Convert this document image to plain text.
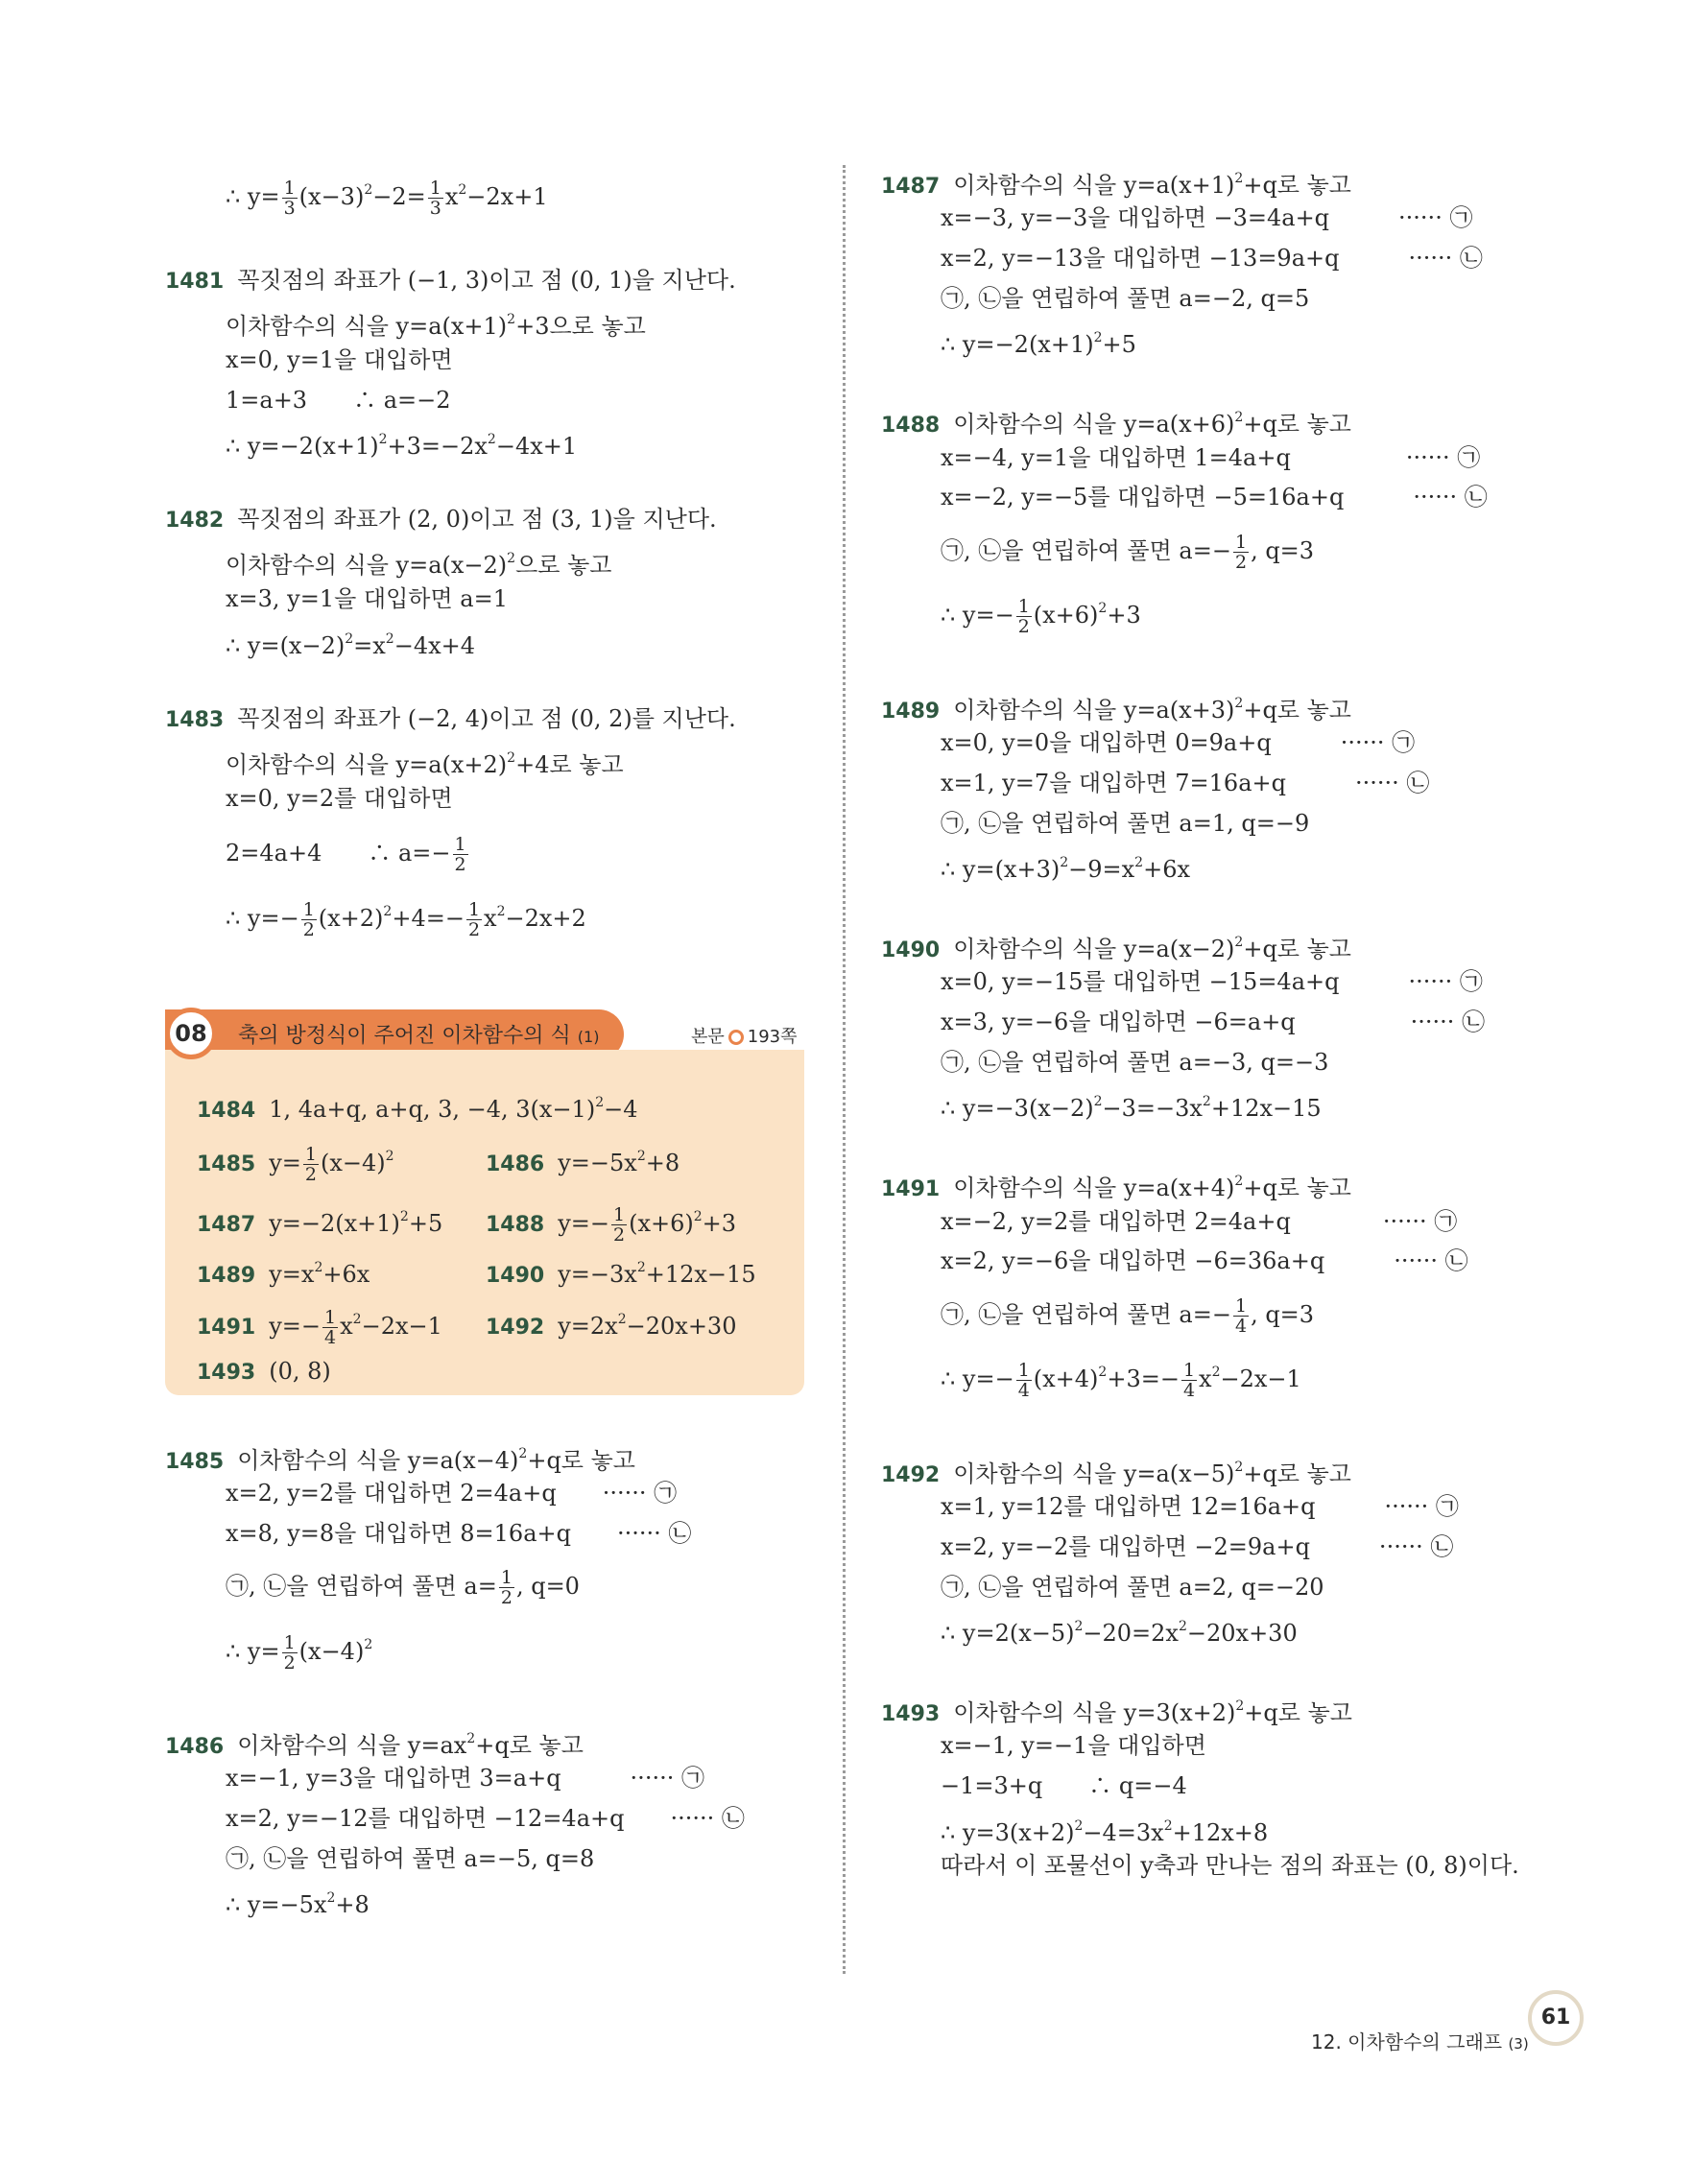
08	축의 방정식이 주어진 이차함수의 식 (1)	본문 193쪽
∴ $y= \frac{1}{3} (x-3)^2-2= \frac{1}{3} x^2-2x+1$
1481 꼭짓점의 좌표가 (−1, 3)이고 점 (0, 1)을 지난다.
이차함수의 식을 $y=a(x+1)^2+3$으로 놓고
x=0, y=1을 대입하면
1=a+3　　∴ a=−2
∴ $y=-2(x+1)^2+3=-2x^2-4x+1$
1482 꼭짓점의 좌표가 (2, 0)이고 점 (3, 1)을 지난다.
이차함수의 식을 $y=a(x-2)^2$으로 놓고
x=3, y=1을 대입하면 a=1
∴ $y=(x-2)^2=x^2-4x+4$
1483 꼭짓점의 좌표가 (−2, 4)이고 점 (0, 2)를 지난다.
이차함수의 식을 $y=a(x+2)^2+4$로 놓고
x=0, y=2를 대입하면
2=4a+4　　∴ $a=- \frac{1}{2}$
∴ $y=- \frac{1}{2} (x+2)^2+4=- \frac{1}{2} x^2-2x+2$
1484 1, 4a+q, a+q, 3, −4, $3(x-1)^2-4$
1485 $y= \frac{1}{2} (x-4)^2$	1486 $y=-5x^2+8$
1487 $y=-2(x+1)^2+5$ 1488 $y=- \frac{1}{2} (x+6)^2+3$
1489 $y=x^2+6x$	1490 $y=-3x^2+12x-15$
1491 $y=- \frac{1}{4} x^2-2x-1$ 1492 $y=2x^2-20x+30$
1493 (0, 8)
1485 이차함수의 식을 $y=a(x-4)^2+q$로 놓고
x=2, y=2를 대입하면 2=4a+q　　······ ㉠
x=8, y=8을 대입하면 8=16a+q　　······ ㉡
㉠, ㉡을 연립하여 풀면 $a= \frac{1}{2}$ , q=0
∴ $y= \frac{1}{2} (x-4)^2$
1486 이차함수의 식을 $y=ax^2+q$로 놓고
x=−1, y=3을 대입하면 3=a+q　　　······ ㉠
x=2, y=−12를 대입하면 −12=4a+q　　······ ㉡
㉠, ㉡을 연립하여 풀면 a=−5, q=8
∴ $y=-5x^2+8$
1487 이차함수의 식을 $y=a(x+1)^2+q$로 놓고
x=−3, y=−3을 대입하면 −3=4a+q　　　······ ㉠
x=2, y=−13을 대입하면 −13=9a+q　　　······ ㉡
㉠, ㉡을 연립하여 풀면 a=−2, q=5
∴ $y=-2(x+1)^2+5$
1488 이차함수의 식을 $y=a(x+6)^2+q$로 놓고
x=−4, y=1을 대입하면 1=4a+q　　　　　······ ㉠
x=−2, y=−5를 대입하면 −5=16a+q　　　······ ㉡
㉠, ㉡을 연립하여 풀면 $a=- \frac{1}{2}$ , q=3
∴ $y=- \frac{1}{2} (x+6)^2+3$
1489 이차함수의 식을 $y=a(x+3)^2+q$로 놓고
x=0, y=0을 대입하면 0=9a+q　　　······ ㉠
x=1, y=7을 대입하면 7=16a+q　　　······ ㉡
㉠, ㉡을 연립하여 풀면 a=1, q=−9
∴ $y=(x+3)^2-9=x^2+6x$
1490 이차함수의 식을 $y=a(x-2)^2+q$로 놓고
x=0, y=−15를 대입하면 −15=4a+q　　　······ ㉠
x=3, y=−6을 대입하면 −6=a+q　　　　　······ ㉡
㉠, ㉡을 연립하여 풀면 a=−3, q=−3
∴ $y=-3(x-2)^2-3=-3x^2+12x-15$
1491 이차함수의 식을 $y=a(x+4)^2+q$로 놓고
x=−2, y=2를 대입하면 2=4a+q　　　　······ ㉠
x=2, y=−6을 대입하면 −6=36a+q　　　······ ㉡
㉠, ㉡을 연립하여 풀면 $a=- \frac{1}{4}$ , q=3
∴ $y=- \frac{1}{4} (x+4)^2+3=- \frac{1}{4} x^2-2x-1$
1492 이차함수의 식을 $y=a(x-5)^2+q$로 놓고
x=1, y=12를 대입하면 12=16a+q　　　······ ㉠
x=2, y=−2를 대입하면 −2=9a+q　　　······ ㉡
㉠, ㉡을 연립하여 풀면 a=2, q=−20
∴ $y=2(x-5)^2-20=2x^2-20x+30$
1493 이차함수의 식을 $y=3(x+2)^2+q$로 놓고
x=−1, y=−1을 대입하면
−1=3+q　　∴ q=−4
∴ $y=3(x+2)^2-4=3x^2+12x+8$
따라서 이 포물선이 y축과 만나는 점의 좌표는 (0, 8)이다.
12. 이차함수의 그래프 (3)
61
